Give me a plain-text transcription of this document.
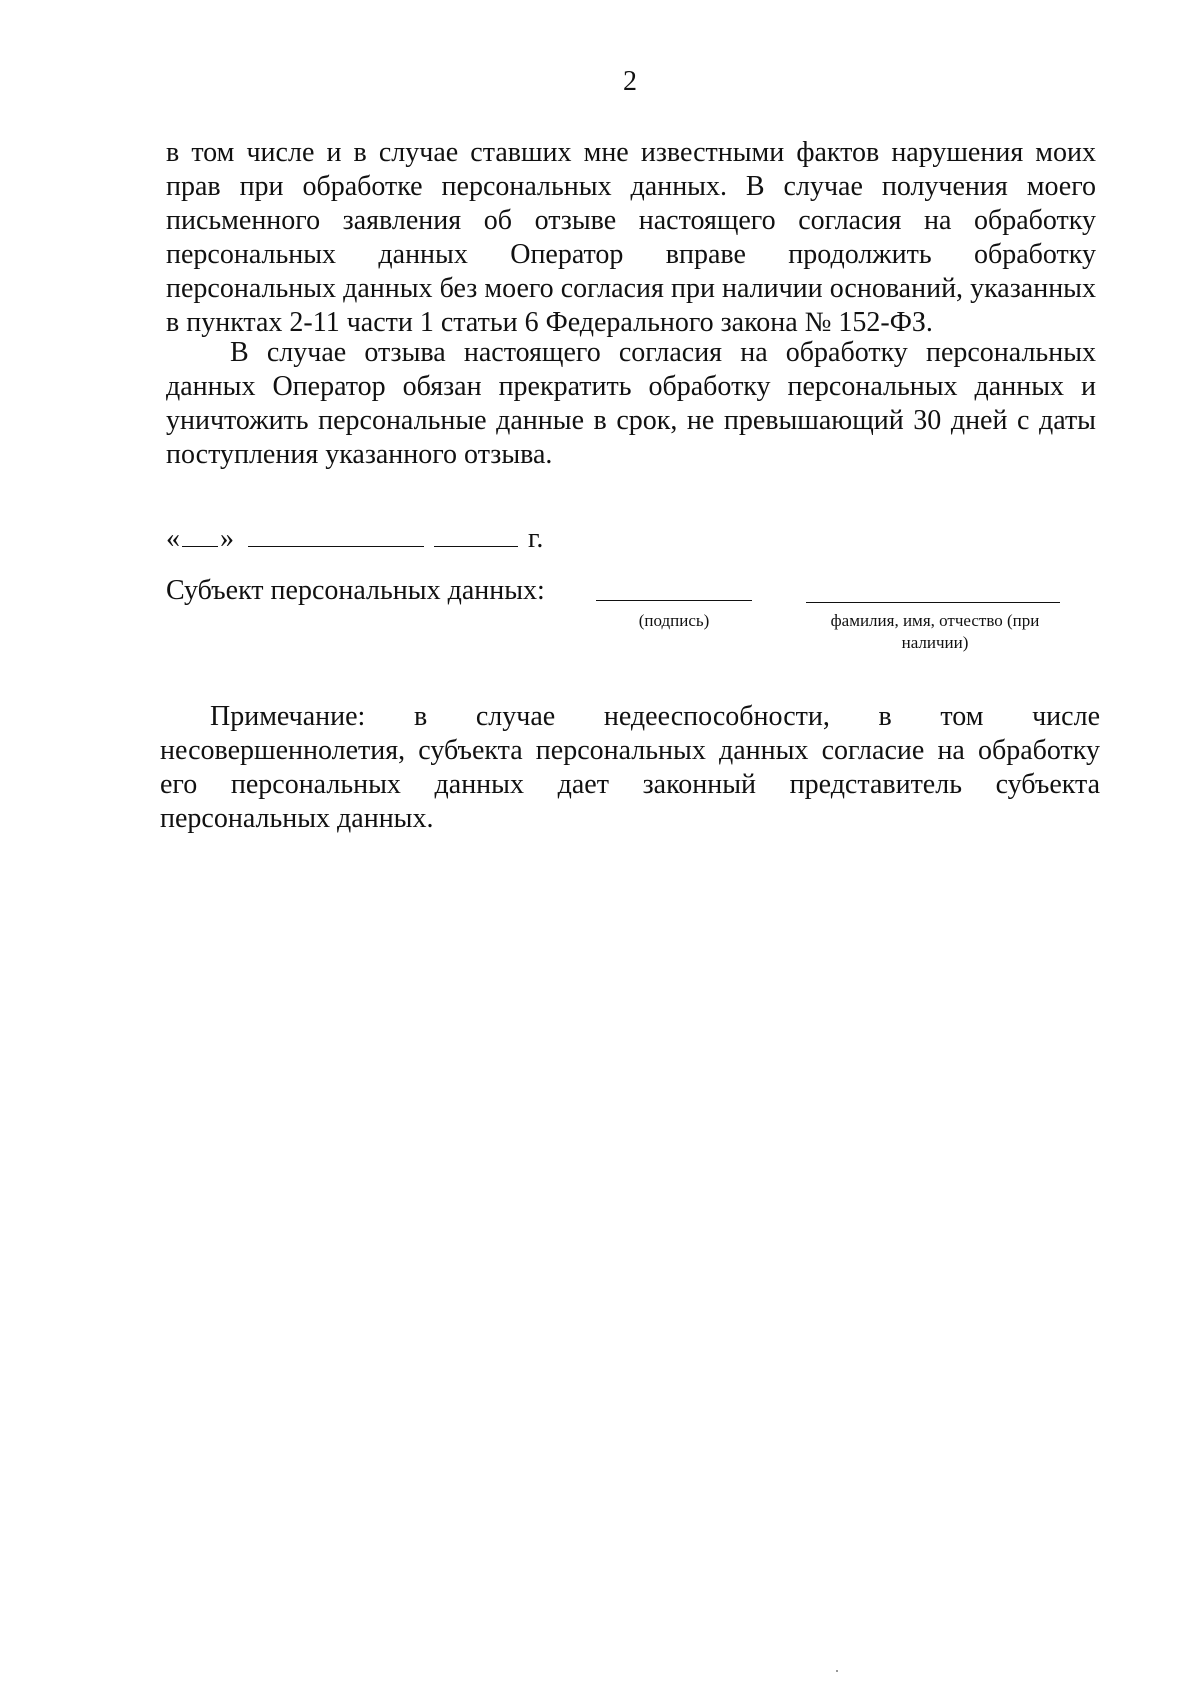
2

в том числе и в случае ставших мне известными фактов нарушения моих прав при обработке персональных данных. В случае получения моего письменного заявления об отзыве настоящего согласия на обработку персональных данных Оператор вправе продолжить обработку персональных данных без моего согласия при наличии оснований, указанных в пунктах 2-11 части 1 статьи 6 Федерального закона № 152-ФЗ.

В случае отзыва настоящего согласия на обработку персональных данных Оператор обязан прекратить обработку персональных данных и уничтожить персональные данные в срок, не превышающий 30 дней с даты поступления указанного отзыва.

« »	г.
Субъект персональных данных:
(подпись)	фамилия, имя, отчество (при наличии)

Примечание: в случае недееспособности, в том числе несовершеннолетия, субъекта персональных данных согласие на обработку его персональных данных дает законный представитель субъекта персональных данных.
